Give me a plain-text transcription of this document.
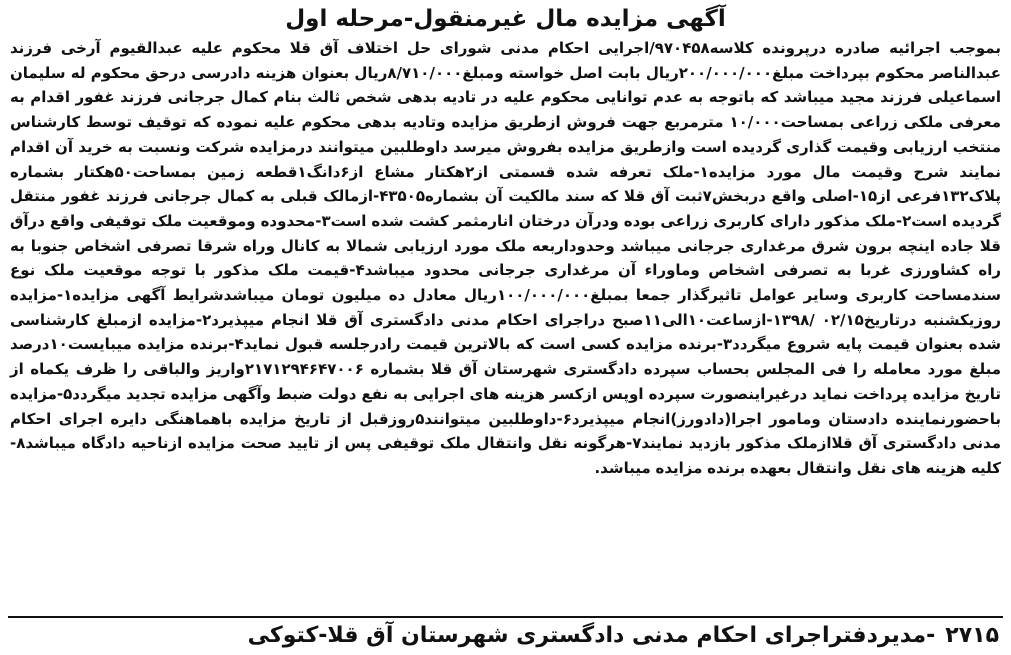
آگهی مزایده مال غیرمنقول-مرحله اول

بموجب اجرائیه صادره درپرونده کلاسه۹۷۰۴۵۸/اجرایی احکام مدنی شورای حل اختلاف آق قلا محکوم علیه عبدالقیوم آرخی فرزند عبدالناصر محکوم بپرداخت مبلغ۲۰۰/۰۰۰/۰۰۰ریال بابت اصل خواسته ومبلغ۸/۷۱۰/۰۰۰ریال بعنوان هزینه دادرسی درحق محکوم له سلیمان اسماعیلی فرزند مجید میباشد که باتوجه به عدم توانایی محکوم علیه در تادیه بدهی شخص ثالث بنام کمال جرجانی فرزند غفور اقدام به معرفی ملکی زراعی بمساحت۱۰/۰۰۰ مترمربع جهت فروش ازطریق مزایده وتادیه بدهی محکوم علیه نموده که توقیف توسط کارشناس منتخب ارزیابی وقیمت گذاری گردیده است وازطریق مزایده بفروش میرسد داوطلبین میتوانند درمزایده شرکت ونسبت به خرید آن اقدام نمایند شرح وقیمت مال مورد مزایده۱-ملک تعرفه شده قسمتی از۲هکتار مشاع از۶دانگ۱قطعه زمین بمساحت۵۰هکتار بشماره پلاک۱۳۲فرعی از۱۵-اصلی واقع دربخش۷ثبت آق قلا که سند مالکیت آن بشماره۴۳۵۰۵-ازمالک قبلی به کمال جرجانی فرزند غفور منتقل گردیده است۲-ملک مذکور دارای کاربری زراعی بوده ودرآن درختان انارمثمر کشت شده است۳-محدوده وموقعیت ملک توقیفی واقع درآق قلا جاده اینچه برون شرق مرغداری جرجانی میباشد وحدوداربعه ملک مورد ارزیابی شمالا به کانال وراه شرقا تصرفی اشخاص جنوبا به راه کشاورزی غربا به تصرفی اشخاص وماوراء آن مرغداری جرجانی محدود میباشد۴-قیمت ملک مذکور با توجه موقعیت ملک نوع سندمساحت کاربری وسایر عوامل تاثیرگذار جمعا بمبلغ۱۰۰/۰۰۰/۰۰۰ریال معادل ده میلیون تومان میباشدشرایط آگهی مزایده۱-مزایده روزیکشنبه درتاریخ۰۲/۱۵ /۱۳۹۸-ازساعت۱۰الی۱۱صبح دراجرای احکام مدنی دادگستری آق قلا انجام میپذیرد۲-مزایده ازمبلغ کارشناسی شده بعنوان قیمت پایه شروع میگردد۳-برنده مزایده کسی است که بالاترین قیمت رادرجلسه قبول نماید۴-برنده مزایده میبایست۱۰درصد مبلغ مورد معامله را فی المجلس بحساب سپرده دادگستری شهرستان آق قلا بشماره ۲۱۷۱۲۹۴۶۴۷۰۰۶واریز والباقی را ظرف یکماه از تاریخ مزایده پرداخت نماید درغیراینصورت سپرده اوپس ازکسر هزینه های اجرایی به نفع دولت ضبط وآگهی مزایده تجدید میگردد۵-مزایده باحضورنماینده دادستان ومامور اجرا(دادورز)انجام میپذیرد۶-داوطلبین میتوانند۵روزقبل از تاریخ مزایده باهماهنگی دایره اجرای احکام مدنی دادگستری آق قلاازملک مذکور بازدید نمایند۷-هرگونه نقل وانتقال ملک توقیفی پس از تایید صحت مزایده ازناحیه دادگاه میباشد۸-کلیه هزینه های نقل وانتقال بعهده برنده مزایده میباشد.

۲۷۱۵-مدیردفتراجرای احکام مدنی دادگستری شهرستان آق قلا-کتوکی
